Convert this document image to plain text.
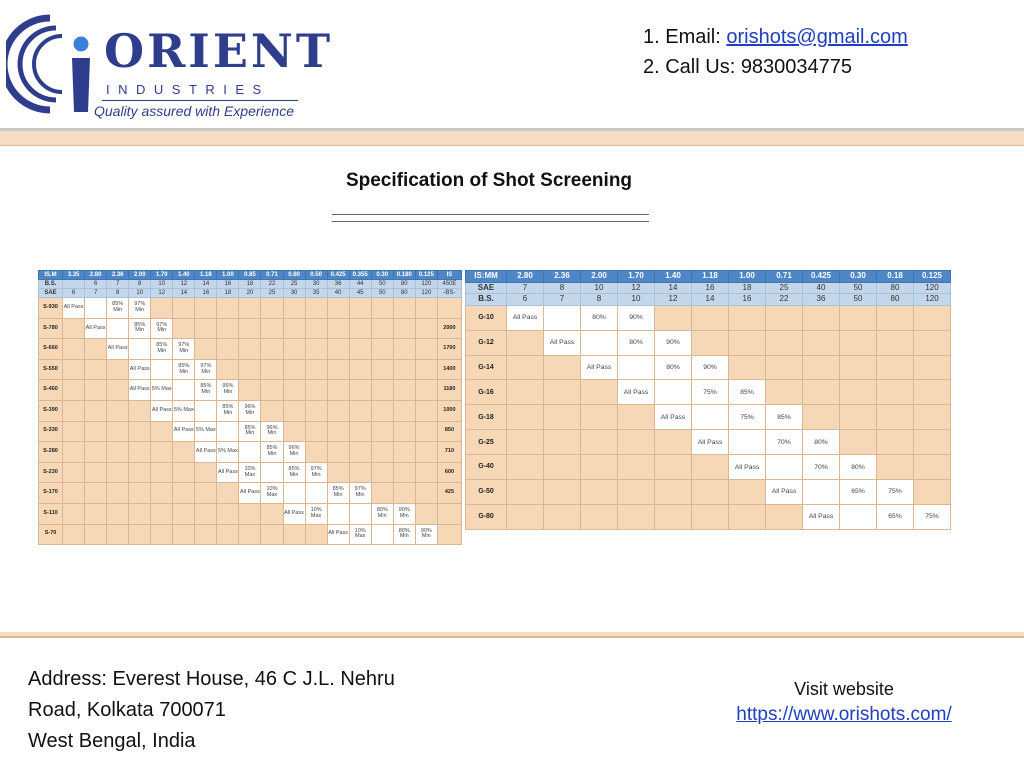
ORIENT
INDUSTRIES
Quality assured with Experience
1. Email: orishots@gmail.com
2. Call Us: 9830034775
Specification of Shot Screening
IS.M	3.35	2.80	2.36	2.00	1.70	1.40	1.18	1.00	0.85	0.71	0.60	0.50	0.425	0.355	0.30	0.180	0.125	IS
B.S.		6	7	8	10	12	14	16	18	22	25	30	36	44	50	80	120	450E
SAE	6	7	8	10	12	14	16	18	20	25	30	35	40	45	50	80	120	-BS-
S-930	All Pass		85% Min	97% Min														
S-780		All Pass		85% Min	97% Min													2000
S-660			All Pass		85% Min	97% Min												1700
S-550				All Pass		85% Min	97% Min											1400
S-460				All Pass	5% Max		85% Min	96% Min										1180
S-390					All Pass	5% Max		85% Min	96% Min									1000
S-330						All Pass	5% Max		85% Min	96% Min								850
S-280							All Pass	5% Max		85% Min	96% Min							710
S-230								All Pass	10% Max		85% Min	97% Min						600
S-170									All Pass	10% Max			85% Min	97% Min				425
S-110											All Pass	10% Max			80% Min	90% Min		
S-70													All Pass	10% Max		80% Min	90% Min	
IS:MM	2.80	2.36	2.00	1.70	1.40	1.18	1.00	0.71	0.425	0.30	0.18	0.125
SAE	7	8	10	12	14	16	18	25	40	50	80	120
B.S.	6	7	8	10	12	14	16	22	36	50	80	120
G-10	All Pass		80%	90%								
G-12		All Pass		80%	90%							
G-14			All Pass		80%	90%						
G-16				All Pass		75%	85%					
G-18					All Pass		75%	85%				
G-25						All Pass		70%	80%			
G-40							All Pass		70%	80%		
G-50								All Pass		65%	75%	
G-80									All Pass		65%	75%
Address: Everest House, 46 C J.L. Nehru
Road, Kolkata 700071
West Bengal, India
Visit website
https://www.orishots.com/
